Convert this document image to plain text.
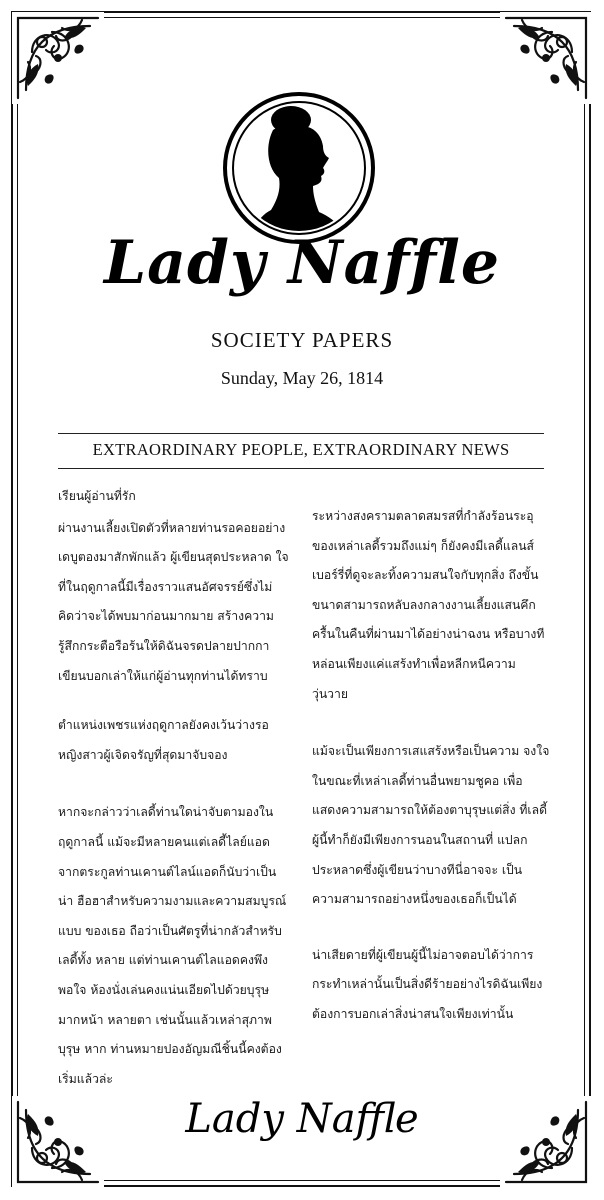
Lady Naffle
SOCIETY PAPERS
Sunday, May 26, 1814
EXTRAORDINARY PEOPLE, EXTRAORDINARY NEWS

เรียนผู้อ่านที่รัก

ผ่านงานเลี้ยงเปิดตัวที่หลายท่านรอคอยอย่าง เดบูตองมาสักพักแล้ว ผู้เขียนสุดประหลาด ใจที่ในฤดูกาลนี้มีเรื่องราวแสนอัศจรรย์ซึ่งไม่ คิดว่าจะได้พบมาก่อนมากมาย สร้างความ รู้สึกกระตือรือร้นให้ดิฉันจรดปลายปากกา เขียนบอกเล่าให้แก่ผู้อ่านทุกท่านได้ทราบ

ตำแหน่งเพชรแห่งฤดูกาลยังคงเว้นว่างรอ หญิงสาวผู้เจิดจรัญที่สุดมาจับจอง

หากจะกล่าวว่าเลดี้ท่านใดน่าจับตามองใน ฤดูกาลนี้ แม้จะมีหลายคนแต่เลดี้ไลย์แอด จากตระกูลท่านเคานต์ไลน์แอดก็นับว่าเป็นน่า ฮือฮาสำหรับความงามและความสมบูรณ์แบบ ของเธอ ถือว่าเป็นศัตรูที่น่ากลัวสำหรับเลดี้ทั้ง หลาย แต่ท่านเคานต์ไลแอดคงพึงพอใจ ห้องนั่งเล่นคงแน่นเอียดไปด้วยบุรุษมากหน้า หลายตา เช่นนั้นแล้วเหล่าสุภาพบุรุษ หาก ท่านหมายปองอัญมณีชิ้นนี้คงต้องเริ่มแล้วล่ะ

ระหว่างสงครามตลาดสมรสที่กำลังร้อนระอุ ของเหล่าเลดี้รวมถึงแม่ๆ ก็ยังคงมีเลดี้แลนส์ เบอร์รี่ที่ดูจะละทิ้งความสนใจกับทุกสิ่ง ถึงขั้น ขนาดสามารถหลับลงกลางงานเลี้ยงแสนคึก ครื้นในคืนที่ผ่านมาได้อย่างน่าฉงน หรือบางที หล่อนเพียงแค่แสร้งทำเพื่อหลีกหนีความ วุ่นวาย

แม้จะเป็นเพียงการเสแสร้งหรือเป็นความ จงใจในขณะที่เหล่าเลดี้ท่านอื่นพยามชูคอ เพื่อแสดงความสามารถให้ต้องตาบุรุษแต่สิ่ง ที่เลดี้ผู้นี้ทำก็ยังมีเพียงการนอนในสถานที่ แปลกประหลาดซึ่งผู้เขียนว่าบางทีนี่อาจจะ เป็นความสามารถอย่างหนึ่งของเธอก็เป็นได้

น่าเสียดายที่ผู้เขียนผู้นี้ไม่อาจตอบได้ว่าการ กระทำเหล่านั้นเป็นสิ่งดีร้ายอย่างไรดิฉันเพียง ต้องการบอกเล่าสิ่งน่าสนใจเพียงเท่านั้น

Lady Naffle
